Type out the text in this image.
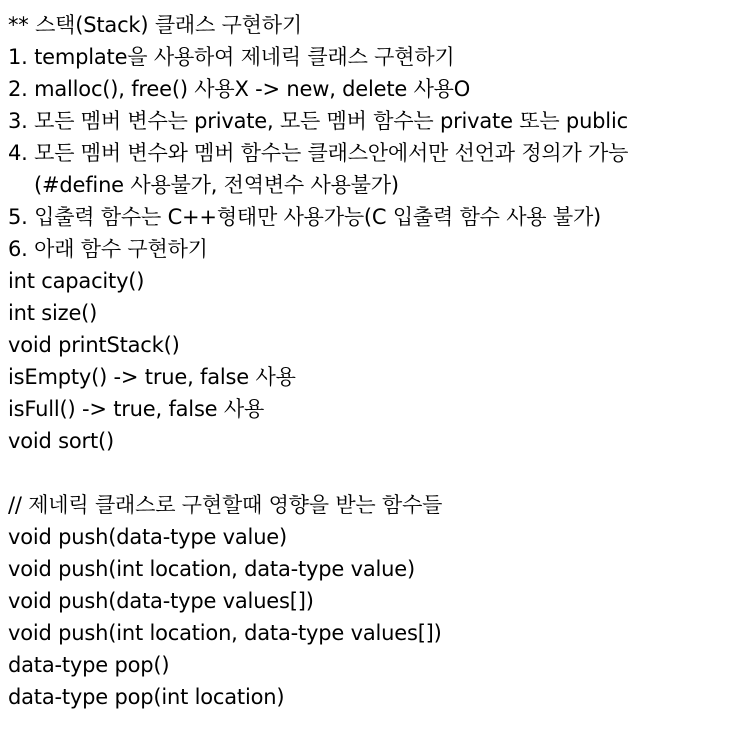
** 스택(Stack) 클래스 구현하기
1. template을 사용하여 제네릭 클래스 구현하기
2. malloc(), free() 사용X -> new, delete 사용O
3. 모든 멤버 변수는 private, 모든 멤버 함수는 private 또는 public
4. 모든 멤버 변수와 멤버 함수는 클래스안에서만 선언과 정의가 가능
(#define 사용불가, 전역변수 사용불가)
5. 입출력 함수는 C++형태만 사용가능(C 입출력 함수 사용 불가)
6. 아래 함수 구현하기
int capacity()
int size()
void printStack()
isEmpty() -> true, false 사용
isFull() -> true, false 사용
void sort()
// 제네릭 클래스로 구현할때 영향을 받는 함수들
void push(data-type value)
void push(int location, data-type value)
void push(data-type values[])
void push(int location, data-type values[])
data-type pop()
data-type pop(int location)
